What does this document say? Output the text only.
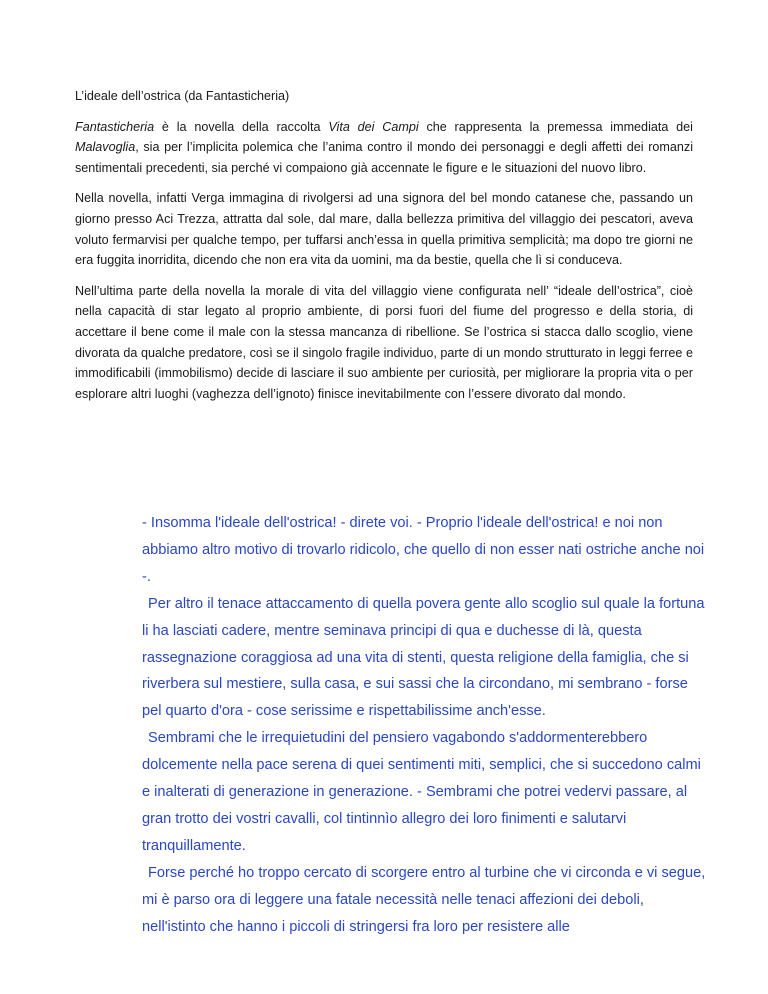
L’ideale dell’ostrica (da Fantasticheria)

Fantasticheria è la novella della raccolta Vita dei Campi che rappresenta la premessa immediata dei Malavoglia, sia per l’implicita polemica che l’anima contro il mondo dei personaggi e degli affetti dei romanzi sentimentali precedenti, sia perché vi compaiono già accennate le figure e le situazioni del nuovo libro.

Nella novella, infatti Verga immagina di rivolgersi ad una signora del bel mondo catanese che, passando un giorno presso Aci Trezza, attratta dal sole, dal mare, dalla bellezza primitiva del villaggio dei pescatori, aveva voluto fermarvisi per qualche tempo, per tuffarsi anch’essa in quella primitiva semplicità; ma dopo tre giorni ne era fuggita inorridita, dicendo che non era vita da uomini, ma da bestie, quella che lì si conduceva.

Nell’ultima parte della novella la morale di vita del villaggio viene configurata nell’ “ideale dell’ostrica”, cioè nella capacità di star legato al proprio ambiente, di porsi fuori del fiume del progresso e della storia, di accettare il bene come il male con la stessa mancanza di ribellione. Se l’ostrica si stacca dallo scoglio, viene divorata da qualche predatore, così se il singolo fragile individuo, parte di un mondo strutturato in leggi ferree e immodificabili (immobilismo) decide di lasciare il suo ambiente per curiosità, per migliorare la propria vita o per esplorare altri luoghi (vaghezza dell’ignoto) finisce inevitabilmente con l’essere divorato dal mondo.

- Insomma l'ideale dell'ostrica! - direte voi. - Proprio l'ideale dell'ostrica! e noi non abbiamo altro motivo di trovarlo ridicolo, che quello di non esser nati ostriche anche noi -.

Per altro il tenace attaccamento di quella povera gente allo scoglio sul quale la fortuna li ha lasciati cadere, mentre seminava principi di qua e duchesse di là, questa rassegnazione coraggiosa ad una vita di stenti, questa religione della famiglia, che si riverbera sul mestiere, sulla casa, e sui sassi che la circondano, mi sembrano - forse pel quarto d'ora - cose serissime e rispettabilissime anch'esse.

Sembrami che le irrequietudini del pensiero vagabondo s'addormenterebbero dolcemente nella pace serena di quei sentimenti miti, semplici, che si succedono calmi e inalterati di generazione in generazione. - Sembrami che potrei vedervi passare, al gran trotto dei vostri cavalli, col tintinnìo allegro dei loro finimenti e salutarvi tranquillamente.

Forse perché ho troppo cercato di scorgere entro al turbine che vi circonda e vi segue, mi è parso ora di leggere una fatale necessità nelle tenaci affezioni dei deboli, nell'istinto che hanno i piccoli di stringersi fra loro per resistere alle
